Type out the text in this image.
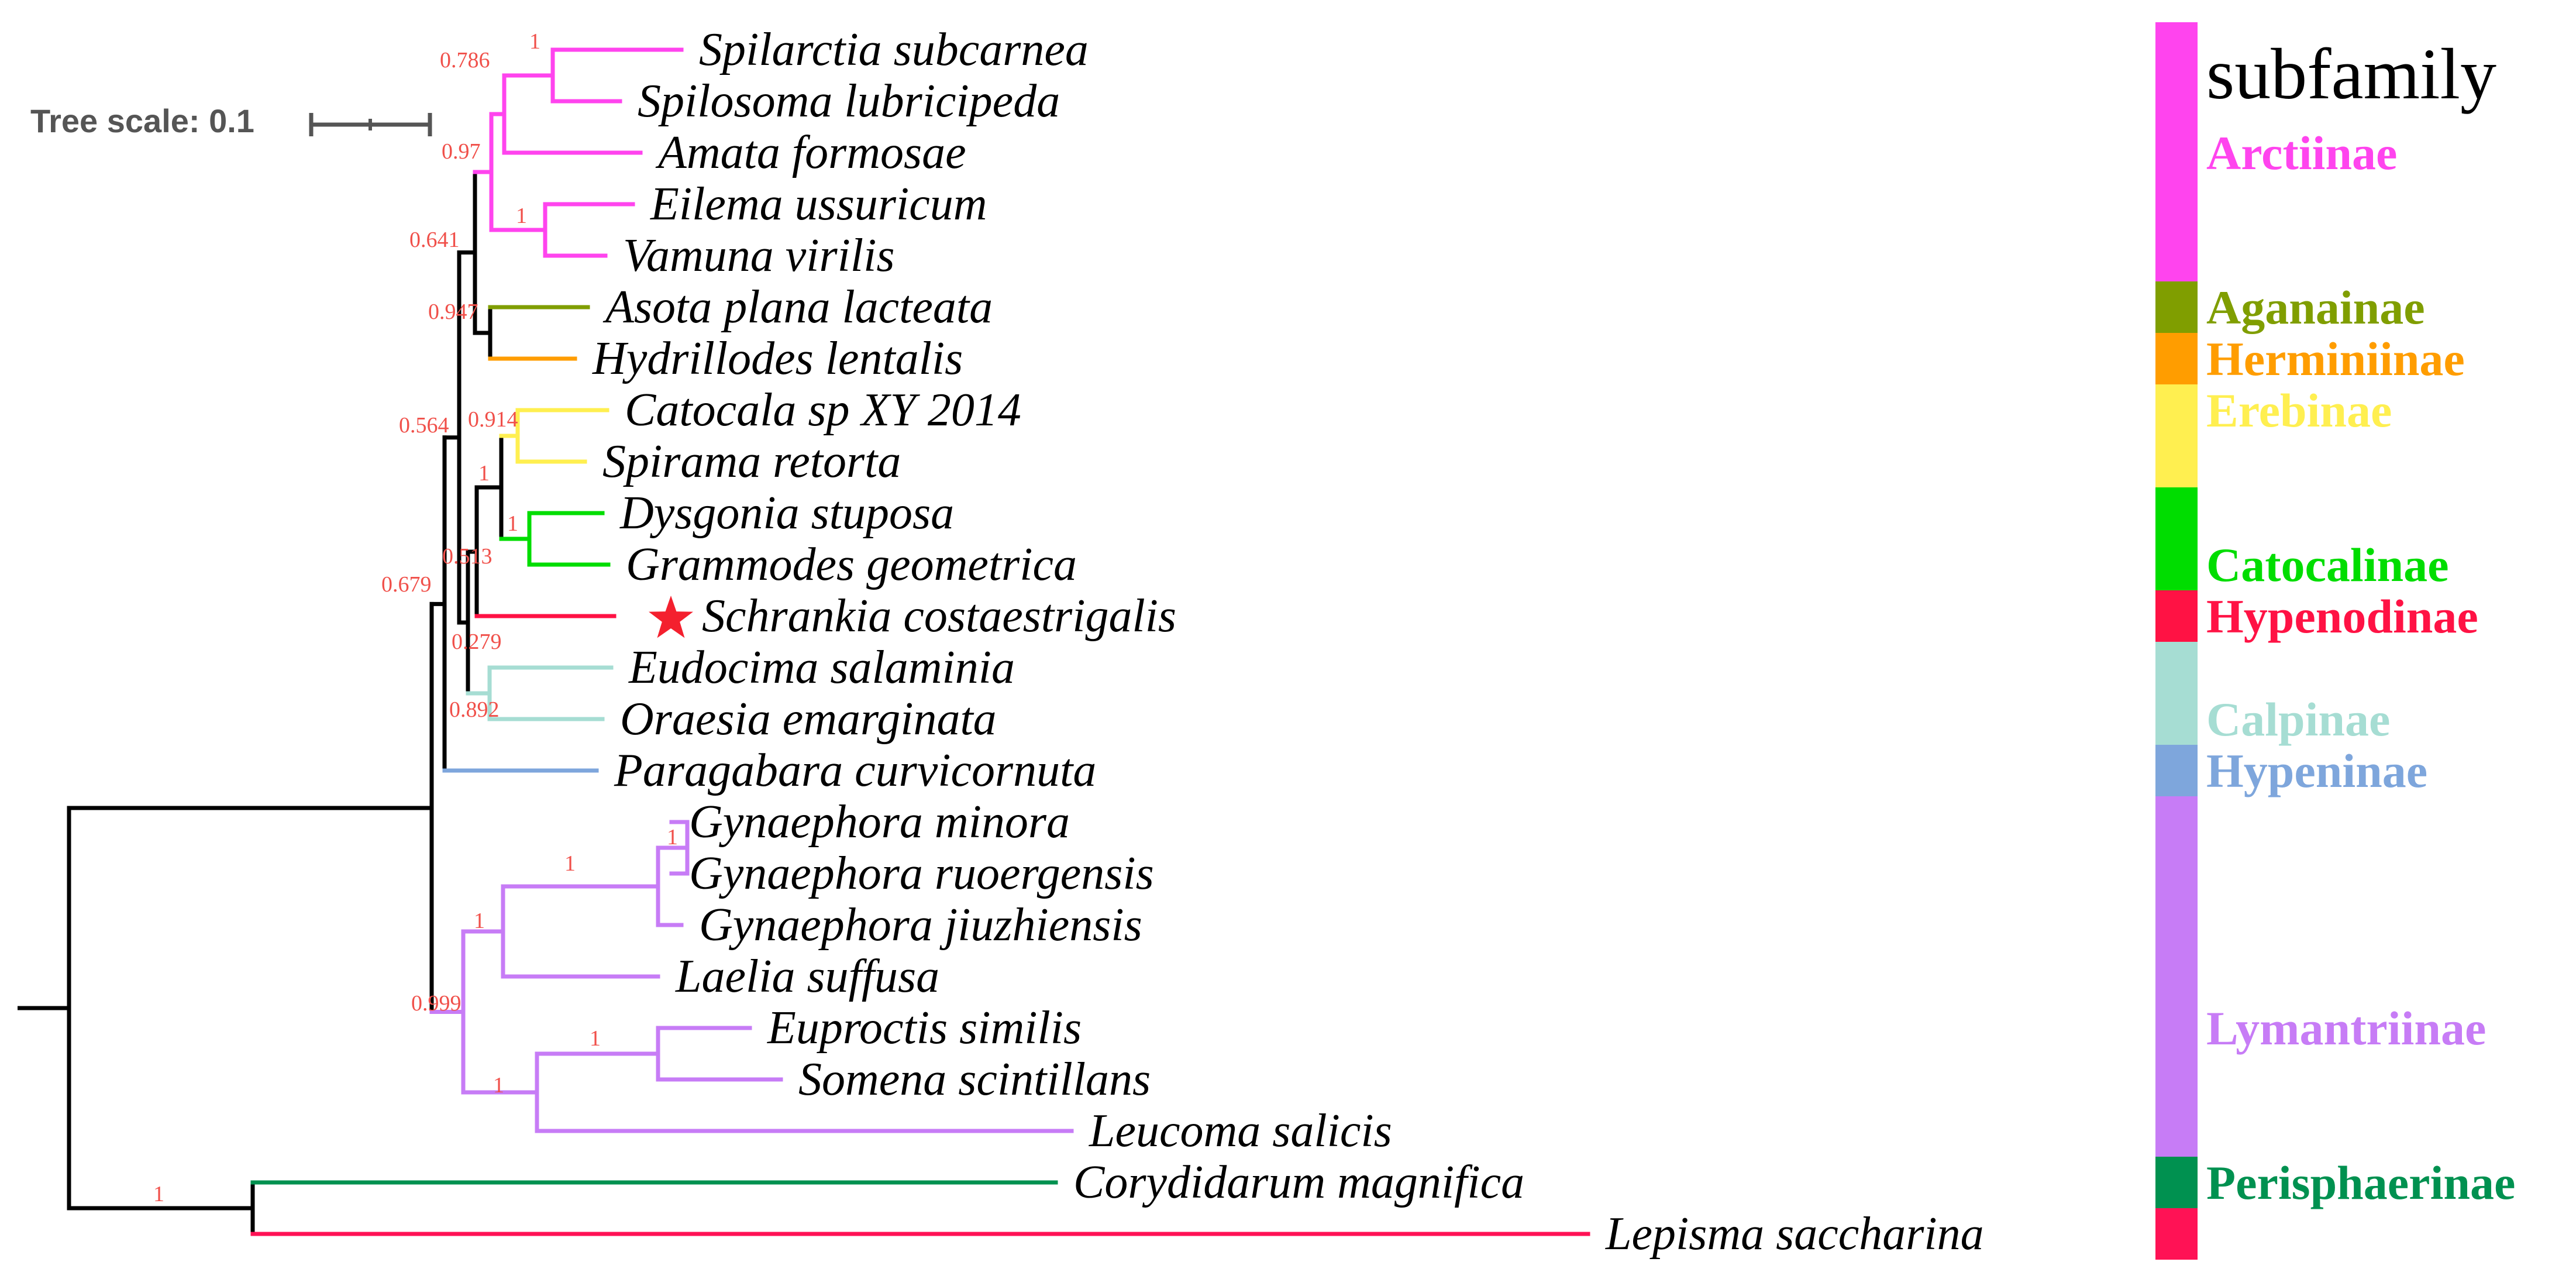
1
0.786
0.97
1
0.641
0.947
0.914
1
1
0.513
0.564
0.892
0.279
0.679
1
1
1
1
1
0.999
1
Spilarctia subcarnea
Spilosoma lubricipeda
Amata formosae
Eilema ussuricum
Vamuna virilis
Asota plana lacteata
Hydrillodes lentalis
Catocala sp XY 2014
Spirama retorta
Dysgonia stuposa
Grammodes geometrica
Schrankia costaestrigalis
Eudocima salaminia
Oraesia emarginata
Paragabara curvicornuta
Gynaephora minora
Gynaephora ruoergensis
Gynaephora jiuzhiensis
Laelia suffusa
Euproctis similis
Somena scintillans
Leucoma salicis
Corydidarum magnifica
Lepisma saccharina
Arctiinae
Aganainae
Herminiinae
Erebinae
Catocalinae
Hypenodinae
Calpinae
Hypeninae
Lymantriinae
Perisphaerinae
Tree scale: 0.1
subfamily
